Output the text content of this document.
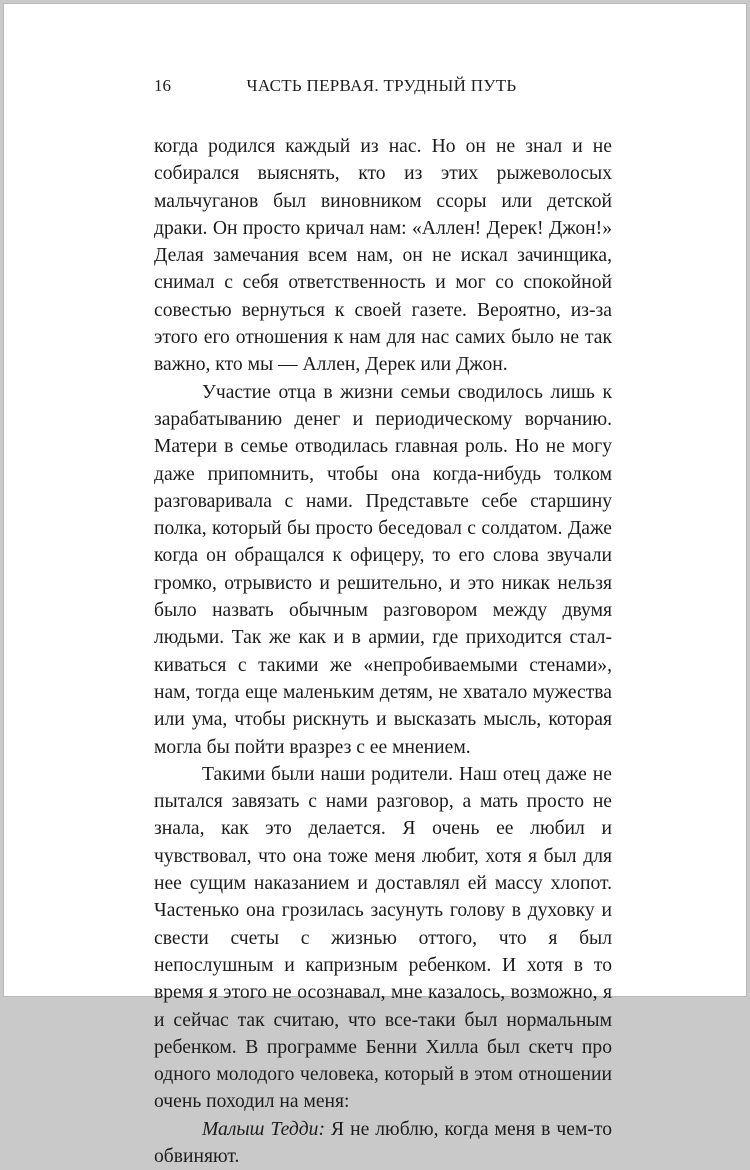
16	ЧАСТЬ ПЕРВАЯ. ТРУДНЫЙ ПУТЬ

когда родился каждый из нас. Но он не знал и не собирался выяснять, кто из этих рыжеволосых мальчуганов был виновником ссоры или детской драки. Он просто кричал нам: «Аллен! Дерек! Джон!» Делая замечания всем нам, он не искал зачинщика, снимал с себя ответственность и мог со спокойной совестью вернуться к своей газете. Вероятно, из-за этого его отношения к нам для нас самих было не так важно, кто мы — Аллен, Дерек или Джон.

Участие отца в жизни семьи сводилось лишь к зарабатыванию денег и периодическому ворчанию. Матери в семье отводилась главная роль. Но не могу даже припомнить, чтобы она когда-нибудь толком разговаривала с нами. Представьте себе старшину полка, который бы просто беседовал с солдатом. Даже когда он обращался к офицеру, то его слова звучали громко, отрывисто и решительно, и это никак нельзя было назвать обычным разговором между двумя людьми. Так же как и в армии, где приходится сталкиваться с такими же «непробиваемыми стенами», нам, тогда еще маленьким детям, не хватало мужества или ума, чтобы рискнуть и высказать мысль, которая могла бы пойти вразрез с ее мнением.

Такими были наши родители. Наш отец даже не пытался завязать с нами разговор, а мать просто не знала, как это делается. Я очень ее любил и чувствовал, что она тоже меня любит, хотя я был для нее сущим наказанием и доставлял ей массу хлопот. Частенько она грозилась засунуть голову в духовку и свести счеты с жизнью оттого, что я был непослушным и капризным ребенком. И хотя в то время я этого не осознавал, мне казалось, возможно, я и сейчас так считаю, что все-таки был нормальным ребенком. В программе Бенни Хилла был скетч про одного молодого человека, который в этом отношении очень походил на меня:

Малыш Тедди: Я не люблю, когда меня в чем-то обвиняют.
